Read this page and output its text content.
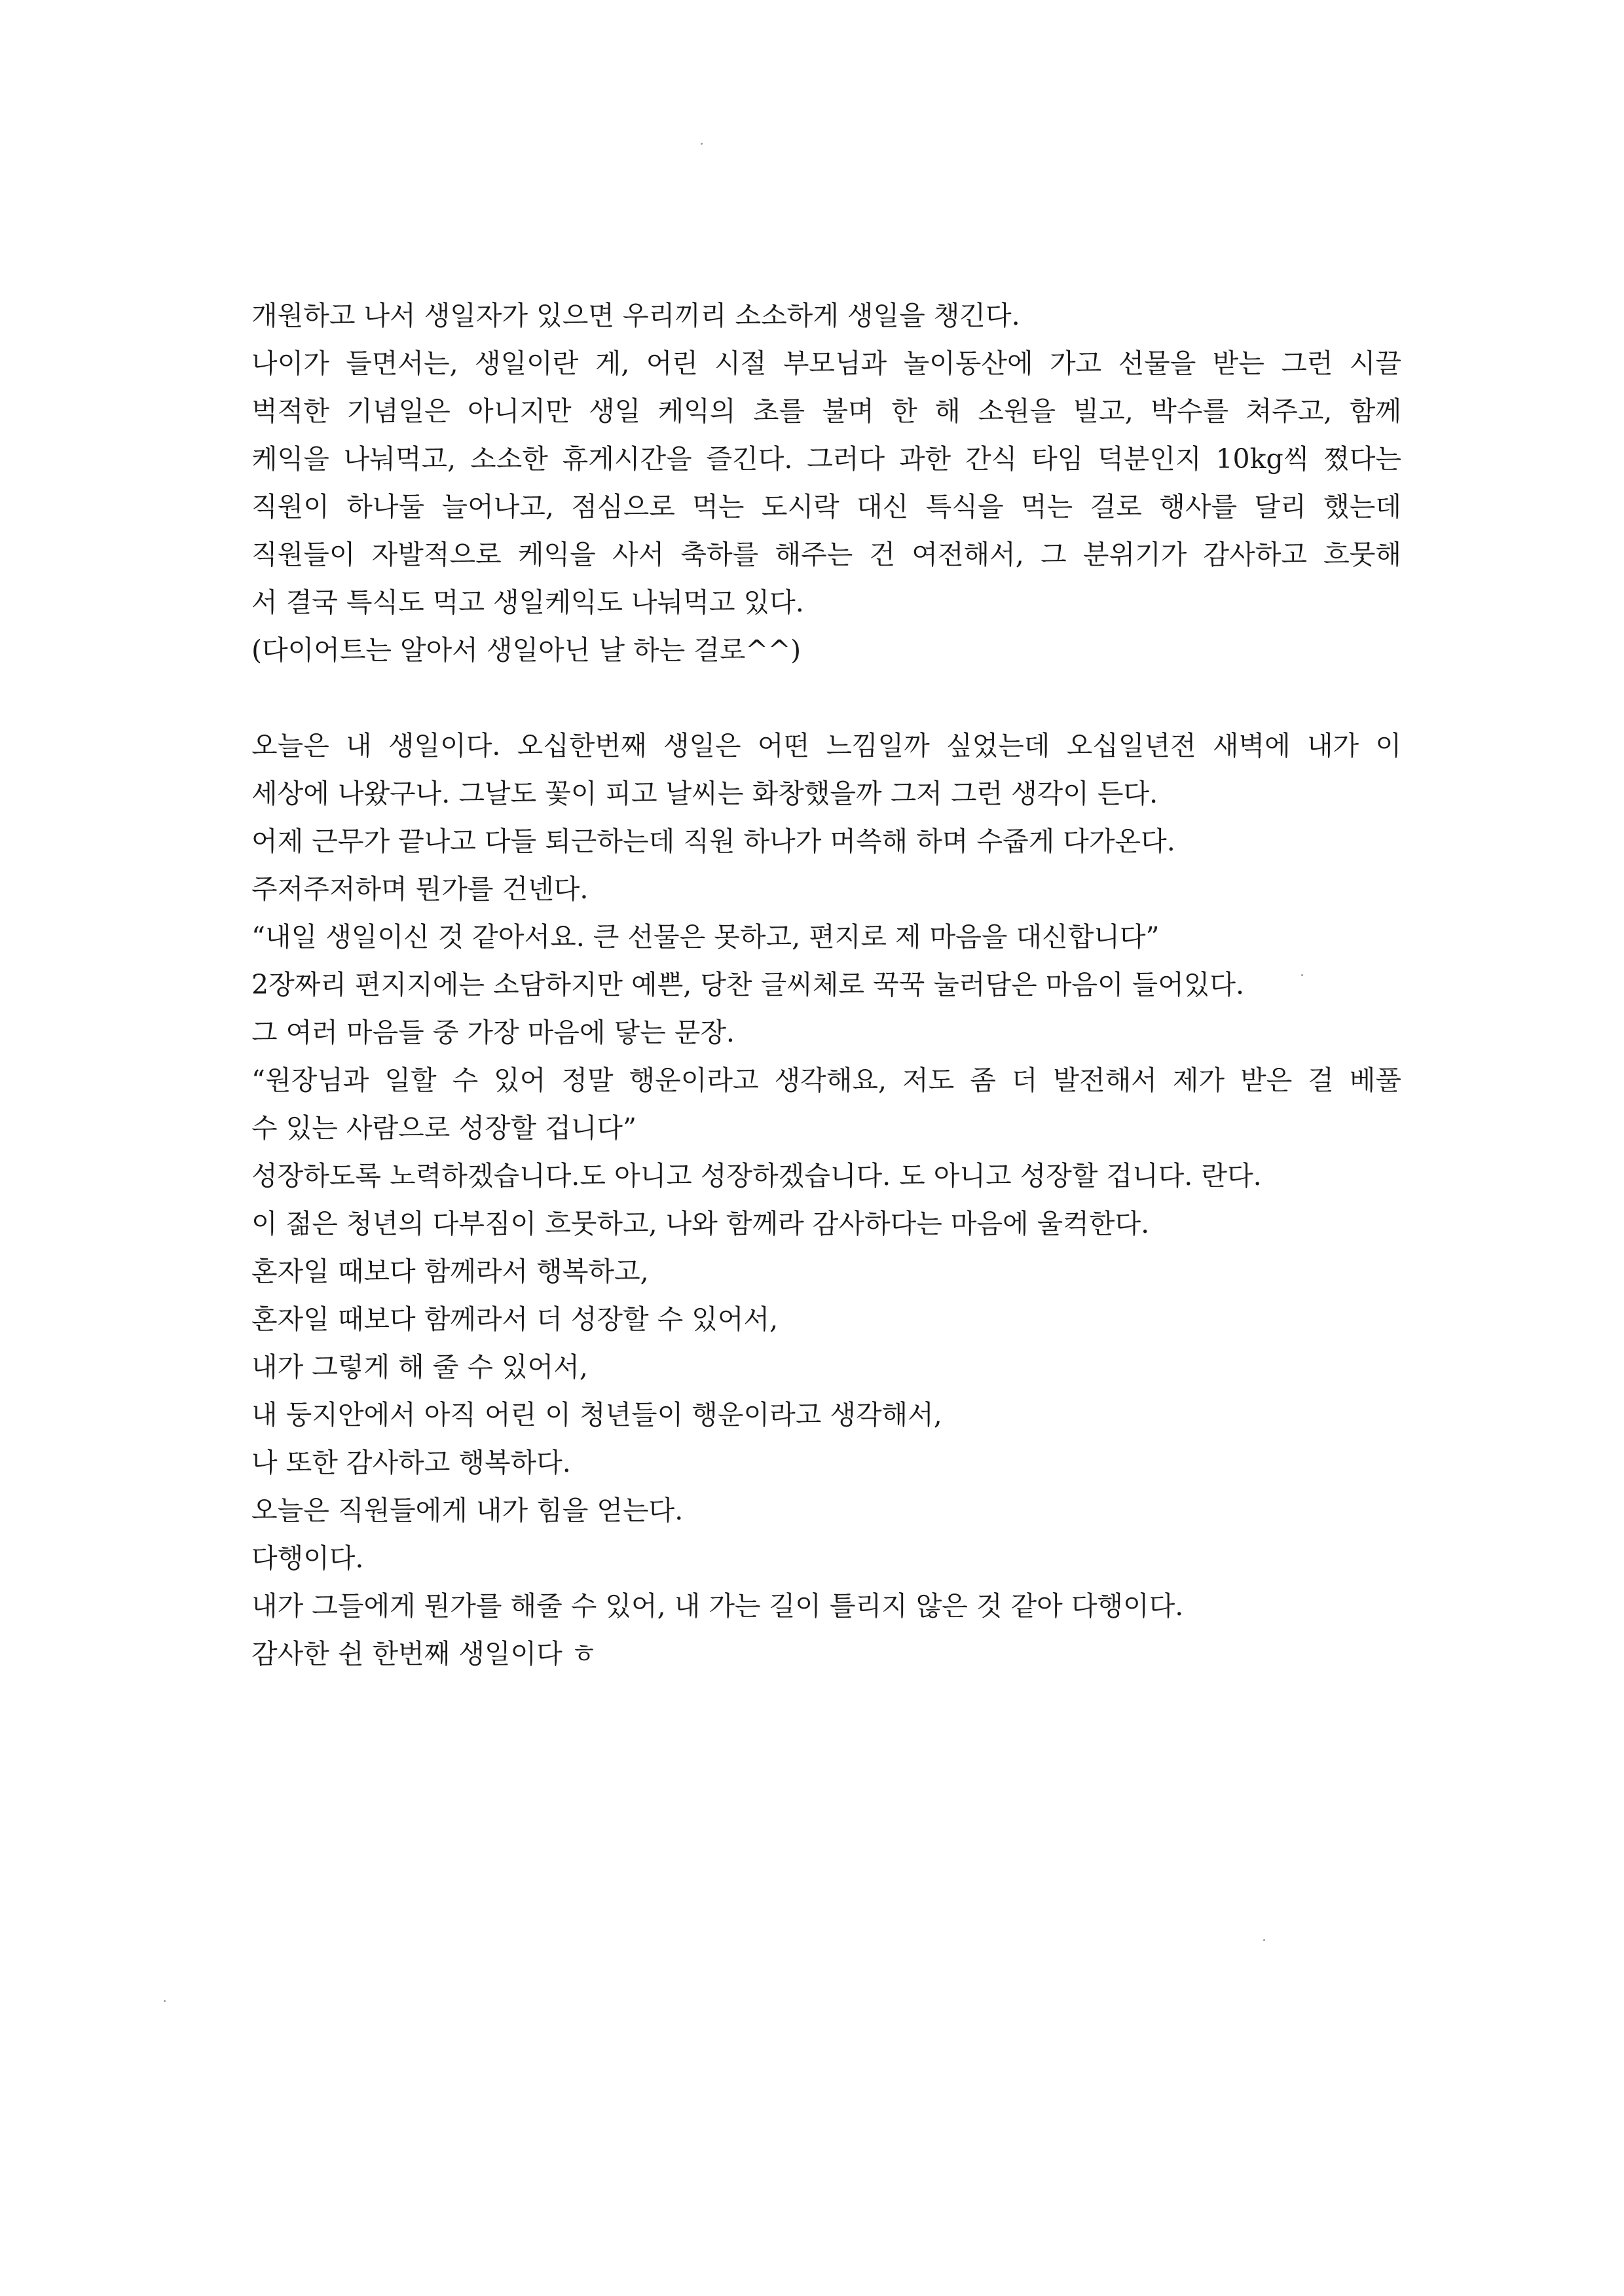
개원하고 나서 생일자가 있으면 우리끼리 소소하게 생일을 챙긴다.
나이가 들면서는, 생일이란 게, 어린 시절 부모님과 놀이동산에 가고 선물을 받는 그런 시끌
벅적한 기념일은 아니지만 생일 케익의 초를 불며 한 해 소원을 빌고, 박수를 쳐주고, 함께
케익을 나눠먹고, 소소한 휴게시간을 즐긴다. 그러다 과한 간식 타임 덕분인지 10kg씩 쪘다는
직원이 하나둘 늘어나고, 점심으로 먹는 도시락 대신 특식을 먹는 걸로 행사를 달리 했는데
직원들이 자발적으로 케익을 사서 축하를 해주는 건 여전해서, 그 분위기가 감사하고 흐뭇해
서 결국 특식도 먹고 생일케익도 나눠먹고 있다.
(다이어트는 알아서 생일아닌 날 하는 걸로^^)
오늘은 내 생일이다. 오십한번째 생일은 어떤 느낌일까 싶었는데 오십일년전 새벽에 내가 이
세상에 나왔구나. 그날도 꽃이 피고 날씨는 화창했을까 그저 그런 생각이 든다.
어제 근무가 끝나고 다들 퇴근하는데 직원 하나가 머쓱해 하며 수줍게 다가온다.
주저주저하며 뭔가를 건넨다.
“내일 생일이신 것 같아서요. 큰 선물은 못하고, 편지로 제 마음을 대신합니다”
2장짜리 편지지에는 소담하지만 예쁜, 당찬 글씨체로 꾹꾹 눌러담은 마음이 들어있다.
그 여러 마음들 중 가장 마음에 닿는 문장.
“원장님과 일할 수 있어 정말 행운이라고 생각해요, 저도 좀 더 발전해서 제가 받은 걸 베풀
수 있는 사람으로 성장할 겁니다”
성장하도록 노력하겠습니다.도 아니고 성장하겠습니다. 도 아니고 성장할 겁니다. 란다.
이 젊은 청년의 다부짐이 흐뭇하고, 나와 함께라 감사하다는 마음에 울컥한다.
혼자일 때보다 함께라서 행복하고,
혼자일 때보다 함께라서 더 성장할 수 있어서,
내가 그렇게 해 줄 수 있어서,
내 둥지안에서 아직 어린 이 청년들이 행운이라고 생각해서,
나 또한 감사하고 행복하다.
오늘은 직원들에게 내가 힘을 얻는다.
다행이다.
내가 그들에게 뭔가를 해줄 수 있어, 내 가는 길이 틀리지 않은 것 같아 다행이다.
감사한 쉰 한번째 생일이다 ㅎ
